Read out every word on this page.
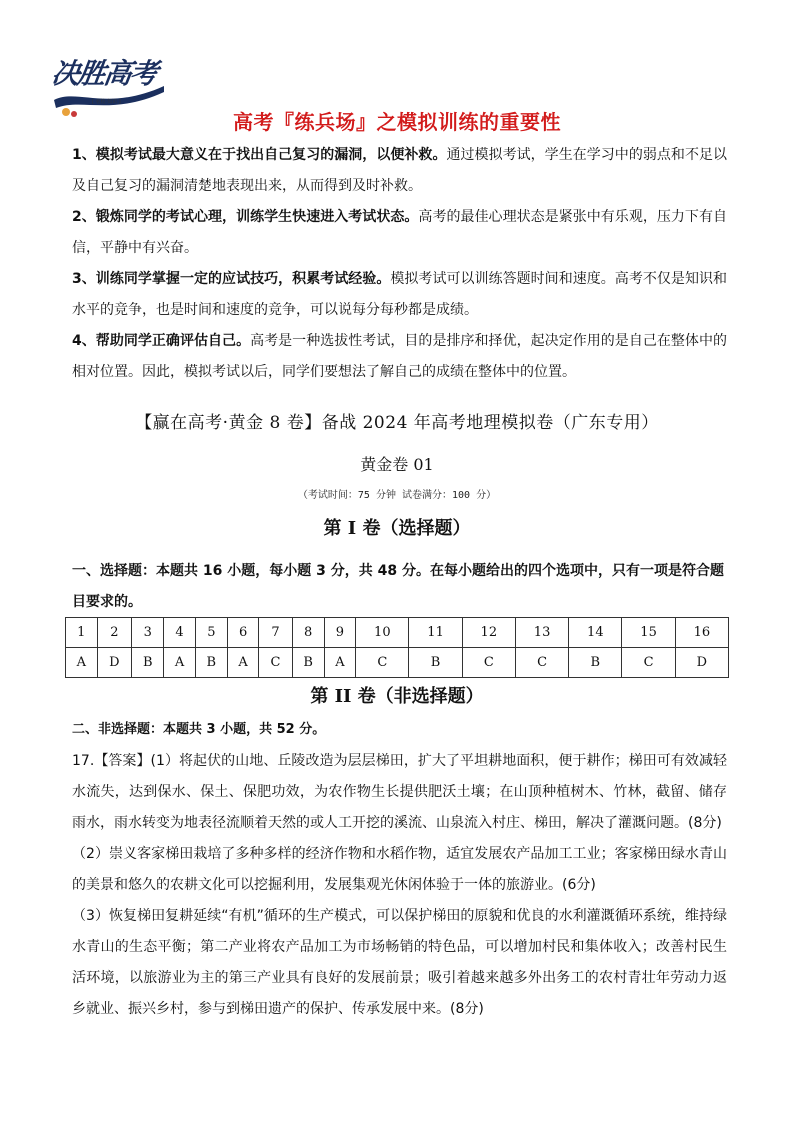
决胜高考
[ 名校·知识 ]
高考『练兵场』之模拟训练的重要性

1、模拟考试最大意义在于找出自己复习的漏洞，以便补救。通过模拟考试，学生在学习中的弱点和不足以及自己复习的漏洞清楚地表现出来，从而得到及时补救。

2、锻炼同学的考试心理，训练学生快速进入考试状态。高考的最佳心理状态是紧张中有乐观，压力下有自信，平静中有兴奋。

3、训练同学掌握一定的应试技巧，积累考试经验。模拟考试可以训练答题时间和速度。高考不仅是知识和水平的竞争，也是时间和速度的竞争，可以说每分每秒都是成绩。

4、帮助同学正确评估自己。高考是一种选拔性考试，目的是排序和择优，起决定作用的是自己在整体中的相对位置。因此，模拟考试以后，同学们要想法了解自己的成绩在整体中的位置。

【赢在高考·黄金 8 卷】备战 2024 年高考地理模拟卷（广东专用）
黄金卷 01
（考试时间：75 分钟 试卷满分：100 分）
第 I 卷（选择题）
一、选择题：本题共 16 小题，每小题 3 分，共 48 分。在每小题给出的四个选项中，只有一项是符合题目要求的。
1	2	3	4	5	6	7	8	9	10	11	12	13	14	15	16
A	D	B	A	B	A	C	B	A	C	B	C	C	B	C	D
第 II 卷（非选择题）
二、非选择题：本题共 3 小题，共 52 分。

17.【答案】(1）将起伏的山地、丘陵改造为层层梯田，扩大了平坦耕地面积，便于耕作；梯田可有效减轻水流失，达到保水、保土、保肥功效，为农作物生长提供肥沃土壤；在山顶种植树木、竹林，截留、储存雨水，雨水转变为地表径流顺着天然的或人工开挖的溪流、山泉流入村庄、梯田，解决了灌溉问题。(8分)

（2）崇义客家梯田栽培了多种多样的经济作物和水稻作物，适宜发展农产品加工工业；客家梯田绿水青山的美景和悠久的农耕文化可以挖掘利用，发展集观光休闲体验于一体的旅游业。(6分)

（3）恢复梯田复耕延续“有机”循环的生产模式，可以保护梯田的原貌和优良的水利灌溉循环系统，维持绿水青山的生态平衡；第二产业将农产品加工为市场畅销的特色品，可以增加村民和集体收入；改善村民生活环境，以旅游业为主的第三产业具有良好的发展前景；吸引着越来越多外出务工的农村青壮年劳动力返乡就业、振兴乡村，参与到梯田遗产的保护、传承发展中来。(8分)
